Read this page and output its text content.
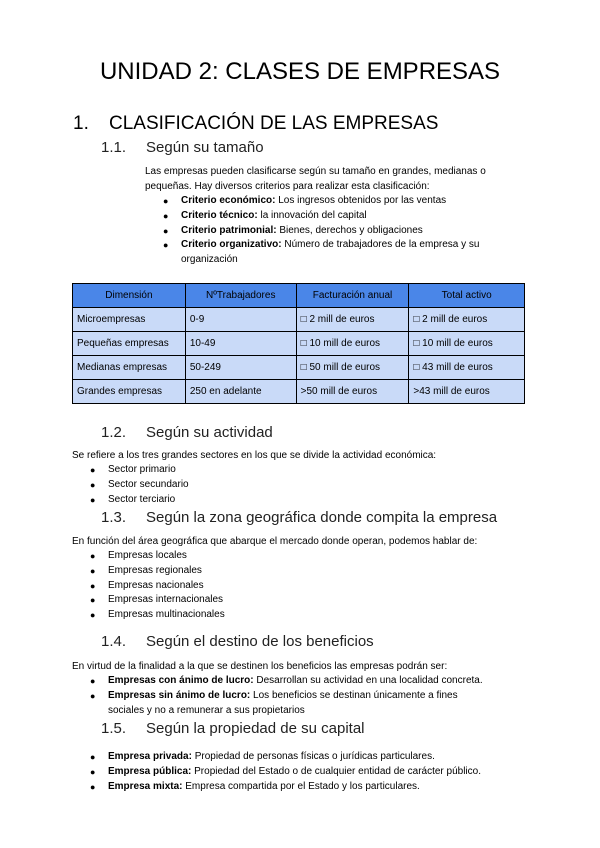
UNIDAD 2: CLASES DE EMPRESAS
1. CLASIFICACIÓN DE LAS EMPRESAS
1.1. Según su tamaño
Las empresas pueden clasificarse según su tamaño en grandes, medianas o
pequeñas. Hay diversos criterios para realizar esta clasificación:
● Criterio económico: Los ingresos obtenidos por las ventas
● Criterio técnico: la innovación del capital
● Criterio patrimonial: Bienes, derechos y obligaciones
● Criterio organizativo: Número de trabajadores de la empresa y su
organización
Dimensión	NºTrabajadores	Facturación anual	Total activo
Microempresas	0-9	□ 2 mill de euros	□ 2 mill de euros
Pequeñas empresas	10-49	□ 10 mill de euros	□ 10 mill de euros
Medianas empresas	50-249	□ 50 mill de euros	□ 43 mill de euros
Grandes empresas	250 en adelante	>50 mill de euros	>43 mill de euros
1.2. Según su actividad
Se refiere a los tres grandes sectores en los que se divide la actividad económica:
● Sector primario
● Sector secundario
● Sector terciario
1.3. Según la zona geográfica donde compita la empresa
En función del área geográfica que abarque el mercado donde operan, podemos hablar de:
● Empresas locales
● Empresas regionales
● Empresas nacionales
● Empresas internacionales
● Empresas multinacionales
1.4. Según el destino de los beneficios
En virtud de la finalidad a la que se destinen los beneficios las empresas podrán ser:
● Empresas con ánimo de lucro: Desarrollan su actividad en una localidad concreta.
● Empresas sin ánimo de lucro: Los beneficios se destinan únicamente a fines
sociales y no a remunerar a sus propietarios
1.5. Según la propiedad de su capital
● Empresa privada: Propiedad de personas físicas o jurídicas particulares.
● Empresa pública: Propiedad del Estado o de cualquier entidad de carácter público.
● Empresa mixta: Empresa compartida por el Estado y los particulares.
